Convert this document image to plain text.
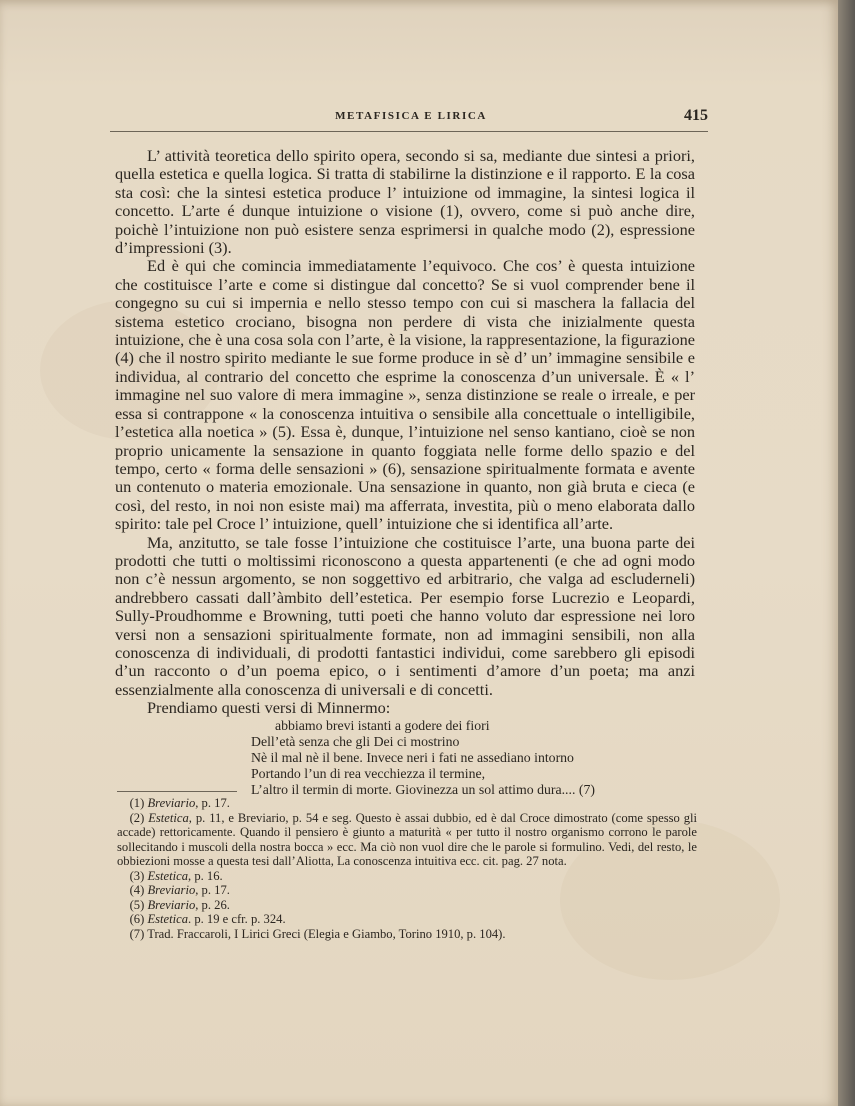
METAFISICA E LIRICA	415

L’ attività teoretica dello spirito opera, secondo si sa, mediante due sintesi a priori, quella estetica e quella logica. Si tratta di stabilirne la distinzione e il rapporto. E la cosa sta così: che la sintesi estetica produce l’ intuizione od immagine, la sintesi logica il concetto. L’arte é dunque intuizione o visione (1), ovvero, come si può anche dire, poichè l’intuizione non può esistere senza esprimersi in qualche modo (2), espressione d’impressioni (3).

Ed è qui che comincia immediatamente l’equivoco. Che cos’ è questa intuizione che costituisce l’arte e come si distingue dal concetto? Se si vuol comprender bene il congegno su cui si impernia e nello stesso tempo con cui si maschera la fallacia del sistema estetico crociano, bisogna non perdere di vista che inizialmente questa intuizione, che è una cosa sola con l’arte, è la visione, la rappresentazione, la figurazione (4) che il nostro spirito mediante le sue forme produce in sè d’ un’ immagine sensibile e individua, al contrario del concetto che esprime la conoscenza d’un universale. È « l’ immagine nel suo valore di mera immagine », senza distinzione se reale o irreale, e per essa si contrappone « la conoscenza intuitiva o sensibile alla concettuale o intelligibile, l’estetica alla noetica » (5). Essa è, dunque, l’intuizione nel senso kantiano, cioè se non proprio unicamente la sensazione in quanto foggiata nelle forme dello spazio e del tempo, certo « forma delle sensazioni » (6), sensazione spiritualmente formata e avente un contenuto o materia emozionale. Una sensazione in quanto, non già bruta e cieca (e così, del resto, in noi non esiste mai) ma afferrata, investita, più o meno elaborata dallo spirito: tale pel Croce l’ intuizione, quell’ intuizione che si identifica all’arte.

Ma, anzitutto, se tale fosse l’intuizione che costituisce l’arte, una buona parte dei prodotti che tutti o moltissimi riconoscono a questa appartenenti (e che ad ogni modo non c’è nessun argomento, se non soggettivo ed arbitrario, che valga ad escluderneli) andrebbero cassati dall’àmbito dell’estetica. Per esempio forse Lucrezio e Leopardi, Sully-Proudhomme e Browning, tutti poeti che hanno voluto dar espressione nei loro versi non a sensazioni spiritualmente formate, non ad immagini sensibili, non alla conoscenza di individuali, di prodotti fantastici individui, come sarebbero gli episodi d’un racconto o d’un poema epico, o i sentimenti d’amore d’un poeta; ma anzi essenzialmente alla conoscenza di universali e di concetti.

Prendiamo questi versi di Minnermo:

abbiamo brevi istanti a godere dei fiori
Dell’età senza che gli Dei ci mostrino
Nè il mal nè il bene. Invece neri i fati ne assediano intorno
Portando l’un di rea vecchiezza il termine,
L’altro il termin di morte. Giovinezza un sol attimo dura.... (7)

(1) Breviario, p. 17.

(2) Estetica, p. 11, e Breviario, p. 54 e seg. Questo è assai dubbio, ed è dal Croce dimostrato (come spesso gli accade) rettoricamente. Quando il pensiero è giunto a maturità « per tutto il nostro organismo corrono le parole sollecitando i muscoli della nostra bocca » ecc. Ma ciò non vuol dire che le parole si formulino. Vedi, del resto, le obbiezioni mosse a questa tesi dall’Aliotta, La conoscenza intuitiva ecc. cit. pag. 27 nota.

(3) Estetica, p. 16.

(4) Breviario, p. 17.

(5) Breviario, p. 26.

(6) Estetica. p. 19 e cfr. p. 324.

(7) Trad. Fraccaroli, I Lirici Greci (Elegia e Giambo, Torino 1910, p. 104).
